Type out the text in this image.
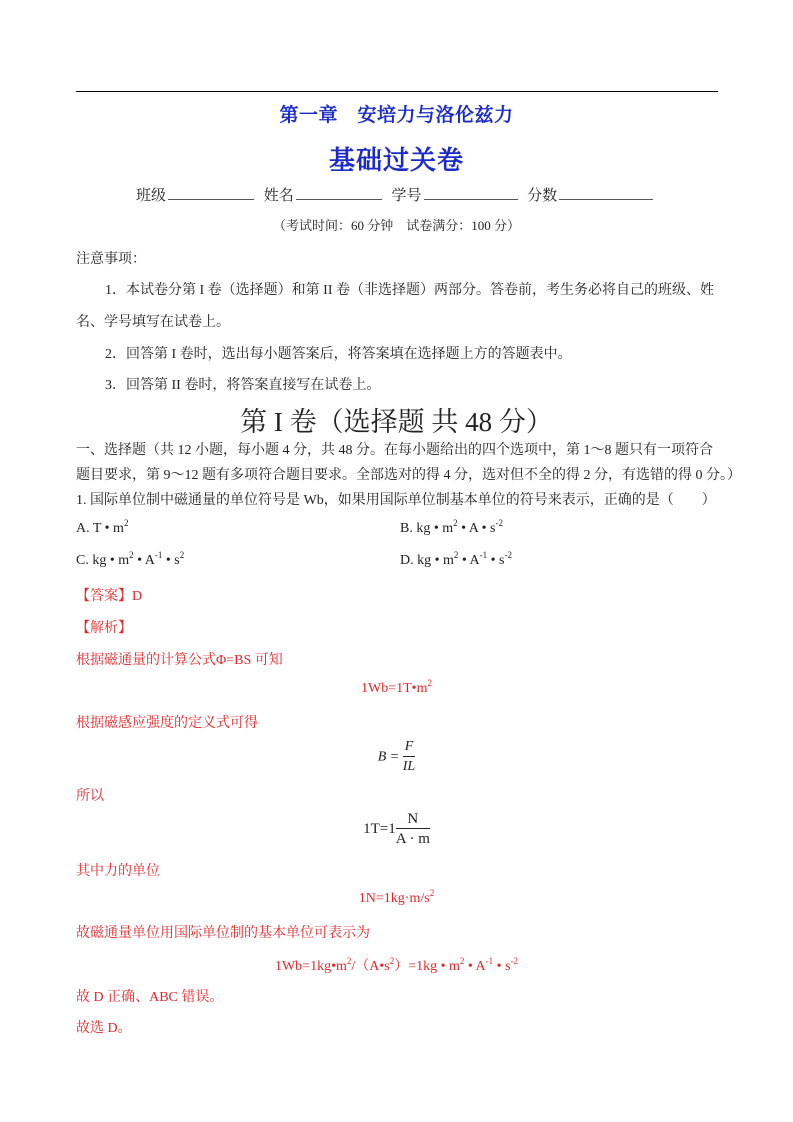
第一章　安培力与洛伦兹力
基础过关卷
班级	姓名	学号	分数
（考试时间：60 分钟　试卷满分：100 分）
注意事项：
1．本试卷分第 I 卷（选择题）和第 II 卷（非选择题）两部分。答卷前，考生务必将自己的班级、姓
名、学号填写在试卷上。
2．回答第 I 卷时，选出每小题答案后，将答案填在选择题上方的答题表中。
3．回答第 II 卷时，将答案直接写在试卷上。
第 I 卷（选择题 共 48 分）
一、选择题（共 12 小题，每小题 4 分，共 48 分。在每小题给出的四个选项中，第 1～8 题只有一项符合
题目要求，第 9～12 题有多项符合题目要求。全部选对的得 4 分，选对但不全的得 2 分，有选错的得 0 分。）
1. 国际单位制中磁通量的单位符号是 Wb，如果用国际单位制基本单位的符号来表示，正确的是（　　）
A. T • $m^2$	B. kg • $m^2$ • A • $s^{-2}$
C. kg • $m^2$ • $A^{-1}$ • $s^2$	D. kg • $m^2$ • $A^{-1}$ • $s^{-2}$
【答案】D
【解析】
根据磁通量的计算公式Φ=BS 可知
$1Wb=1T•m^2$
根据磁感应强度的定义式可得
$B = \frac{F}{IL}$
所以
$1T=1 \frac{N}{A \cdot m}$
其中力的单位
$1N=1kg\cdot m/s^2$
故磁通量单位用国际单位制的基本单位可表示为
$1Wb=1kg•m^2/(A•s^2)=1kg$ • $m^2$ • $A^{-1}$ • $s^{-2}$
故 D 正确、ABC 错误。
故选 D。
